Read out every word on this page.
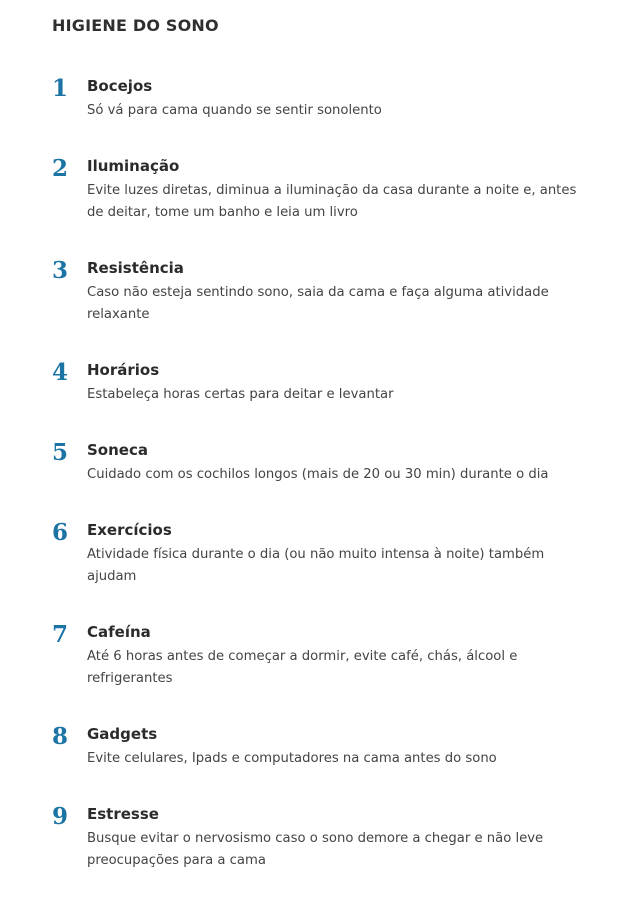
HIGIENE DO SONO
1	Bocejos

Só vá para cama quando se sentir sonolento

2	Iluminação

Evite luzes diretas, diminua a iluminação da casa durante a noite e, antes de deitar, tome um banho e leia um livro

3	Resistência

Caso não esteja sentindo sono, saia da cama e faça alguma atividade relaxante

4	Horários

Estabeleça horas certas para deitar e levantar

5	Soneca

Cuidado com os cochilos longos (mais de 20 ou 30 min) durante o dia

6	Exercícios

Atividade física durante o dia (ou não muito intensa à noite) também ajudam

7	Cafeína

Até 6 horas antes de começar a dormir, evite café, chás, álcool e refrigerantes

8	Gadgets

Evite celulares, Ipads e computadores na cama antes do sono

9	Estresse

Busque evitar o nervosismo caso o sono demore a chegar e não leve preocupações para a cama
